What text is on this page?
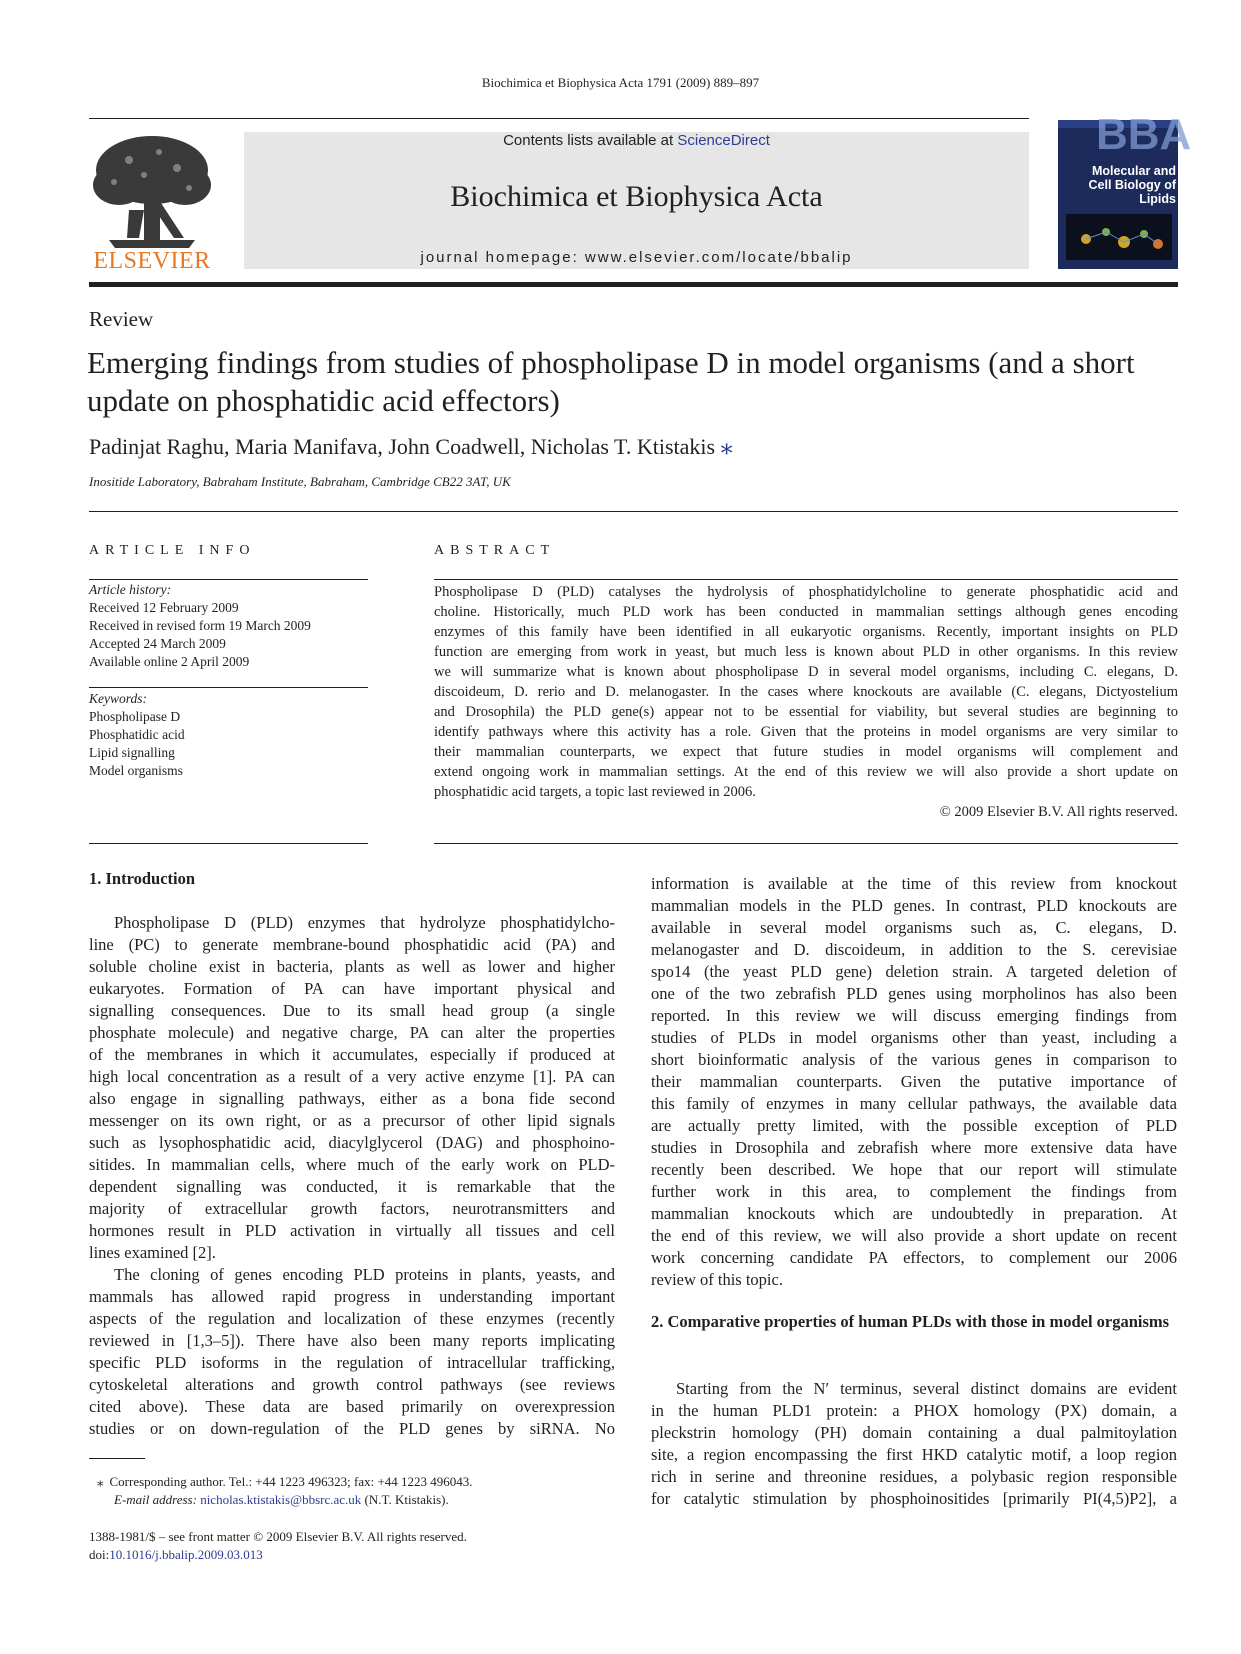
Biochimica et Biophysica Acta 1791 (2009) 889–897
ELSEVIER
Contents lists available at ScienceDirect
Biochimica et Biophysica Acta
journal homepage: www.elsevier.com/locate/bbalip
BBA
Molecular and
Cell Biology of
Lipids
Review
Emerging findings from studies of phospholipase D in model organisms (and a short
update on phosphatidic acid effectors)
Padinjat Raghu, Maria Manifava, John Coadwell, Nicholas T. Ktistakis ⁎
Inositide Laboratory, Babraham Institute, Babraham, Cambridge CB22 3AT, UK
ARTICLE INFO
Article history:
Received 12 February 2009
Received in revised form 19 March 2009
Accepted 24 March 2009
Available online 2 April 2009
Keywords:
Phospholipase D
Phosphatidic acid
Lipid signalling
Model organisms
ABSTRACT
Phospholipase D (PLD) catalyses the hydrolysis of phosphatidylcholine to generate phosphatidic acid and
choline. Historically, much PLD work has been conducted in mammalian settings although genes encoding
enzymes of this family have been identified in all eukaryotic organisms. Recently, important insights on PLD
function are emerging from work in yeast, but much less is known about PLD in other organisms. In this review
we will summarize what is known about phospholipase D in several model organisms, including C. elegans, D.
discoideum, D. rerio and D. melanogaster. In the cases where knockouts are available (C. elegans, Dictyostelium
and Drosophila) the PLD gene(s) appear not to be essential for viability, but several studies are beginning to
identify pathways where this activity has a role. Given that the proteins in model organisms are very similar to
their mammalian counterparts, we expect that future studies in model organisms will complement and
extend ongoing work in mammalian settings. At the end of this review we will also provide a short update on
phosphatidic acid targets, a topic last reviewed in 2006.
© 2009 Elsevier B.V. All rights reserved.
1. Introduction
Phospholipase D (PLD) enzymes that hydrolyze phosphatidylcho-
line (PC) to generate membrane-bound phosphatidic acid (PA) and
soluble choline exist in bacteria, plants as well as lower and higher
eukaryotes. Formation of PA can have important physical and
signalling consequences. Due to its small head group (a single
phosphate molecule) and negative charge, PA can alter the properties
of the membranes in which it accumulates, especially if produced at
high local concentration as a result of a very active enzyme [1]. PA can
also engage in signalling pathways, either as a bona fide second
messenger on its own right, or as a precursor of other lipid signals
such as lysophosphatidic acid, diacylglycerol (DAG) and phosphoino-
sitides. In mammalian cells, where much of the early work on PLD-
dependent signalling was conducted, it is remarkable that the
majority of extracellular growth factors, neurotransmitters and
hormones result in PLD activation in virtually all tissues and cell
lines examined [2].
The cloning of genes encoding PLD proteins in plants, yeasts, and
mammals has allowed rapid progress in understanding important
aspects of the regulation and localization of these enzymes (recently
reviewed in [1,3–5]). There have also been many reports implicating
specific PLD isoforms in the regulation of intracellular trafficking,
cytoskeletal alterations and growth control pathways (see reviews
cited above). These data are based primarily on overexpression
studies or on down-regulation of the PLD genes by siRNA. No
information is available at the time of this review from knockout
mammalian models in the PLD genes. In contrast, PLD knockouts are
available in several model organisms such as, C. elegans, D.
melanogaster and D. discoideum, in addition to the S. cerevisiae
spo14 (the yeast PLD gene) deletion strain. A targeted deletion of
one of the two zebrafish PLD genes using morpholinos has also been
reported. In this review we will discuss emerging findings from
studies of PLDs in model organisms other than yeast, including a
short bioinformatic analysis of the various genes in comparison to
their mammalian counterparts. Given the putative importance of
this family of enzymes in many cellular pathways, the available data
are actually pretty limited, with the possible exception of PLD
studies in Drosophila and zebrafish where more extensive data have
recently been described. We hope that our report will stimulate
further work in this area, to complement the findings from
mammalian knockouts which are undoubtedly in preparation. At
the end of this review, we will also provide a short update on recent
work concerning candidate PA effectors, to complement our 2006
review of this topic.
2. Comparative properties of human PLDs with those in model organisms
Starting from the N′ terminus, several distinct domains are evident
in the human PLD1 protein: a PHOX homology (PX) domain, a
pleckstrin homology (PH) domain containing a dual palmitoylation
site, a region encompassing the first HKD catalytic motif, a loop region
rich in serine and threonine residues, a polybasic region responsible
for catalytic stimulation by phosphoinositides [primarily PI(4,5)P2], a
⁎ Corresponding author. Tel.: +44 1223 496323; fax: +44 1223 496043.
E-mail address: nicholas.ktistakis@bbsrc.ac.uk (N.T. Ktistakis).
1388-1981/$ – see front matter © 2009 Elsevier B.V. All rights reserved.
doi:10.1016/j.bbalip.2009.03.013
